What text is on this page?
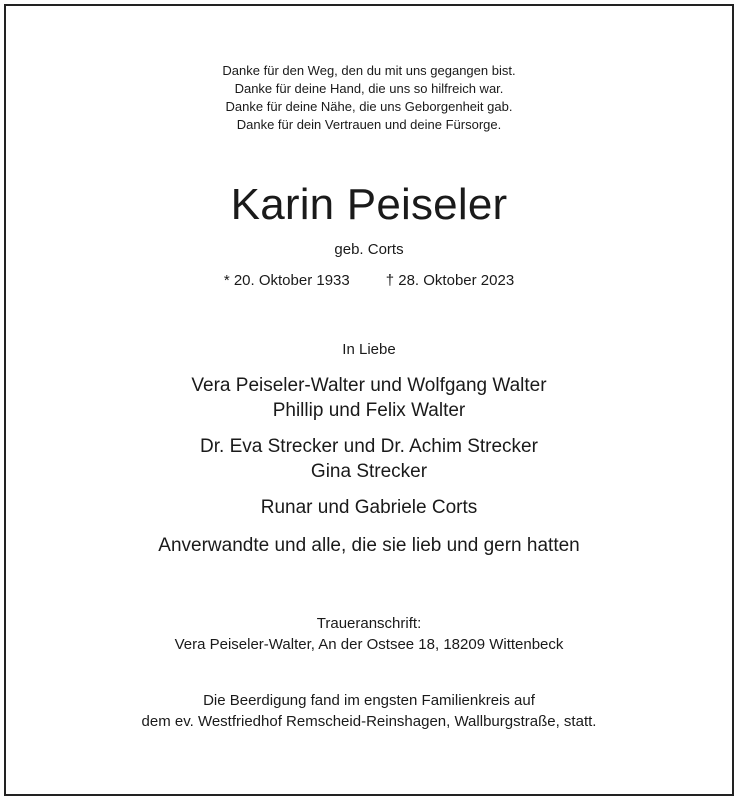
Danke für den Weg, den du mit uns gegangen bist.
Danke für deine Hand, die uns so hilfreich war.
Danke für deine Nähe, die uns Geborgenheit gab.
Danke für dein Vertrauen und deine Fürsorge.
Karin Peiseler
geb. Corts
* 20. Oktober 1933 † 28. Oktober 2023
In Liebe
Vera Peiseler-Walter und Wolfgang Walter
Phillip und Felix Walter
Dr. Eva Strecker und Dr. Achim Strecker
Gina Strecker
Runar und Gabriele Corts
Anverwandte und alle, die sie lieb und gern hatten
Traueranschrift:
Vera Peiseler-Walter, An der Ostsee 18, 18209 Wittenbeck
Die Beerdigung fand im engsten Familienkreis auf
dem ev. Westfriedhof Remscheid-Reinshagen, Wallburgstraße, statt.
